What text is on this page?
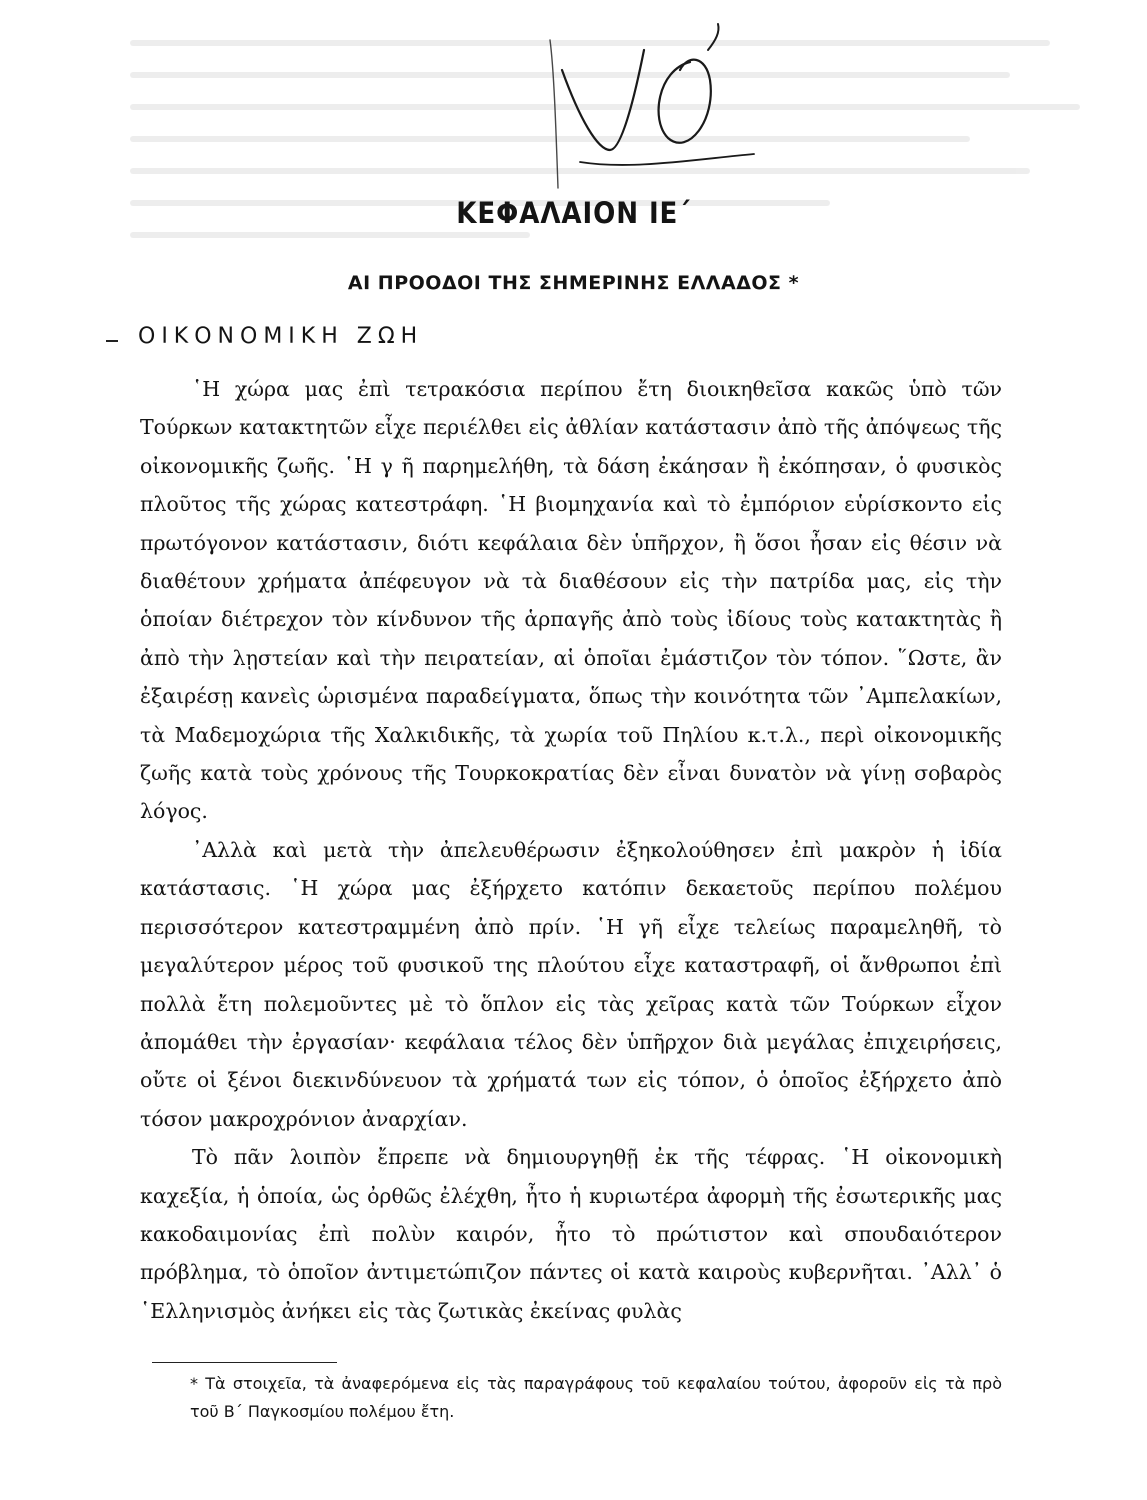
ΚΕΦΑΛΑΙΟΝ ΙΕ΄
ΑΙ ΠΡΟΟΔΟΙ ΤΗΣ ΣΗΜΕΡΙΝΗΣ ΕΛΛΑΔΟΣ *
ΟΙΚΟΝΟΜΙΚΗ ΖΩΗ

῾Η χώρα μας ἐπὶ τετρακόσια περίπου ἔτη διοικηθεῖσα κακῶς ὑπὸ τῶν Τούρκων κατακτητῶν εἶχε περιέλθει εἰς ἀθλίαν κατάστασιν ἀπὸ τῆς ἀπόψεως τῆς οἰκονομικῆς ζωῆς. ῾Η γ ῆ παρημελήθη, τὰ δάση ἐκάησαν ἢ ἐκόπησαν, ὁ φυσικὸς πλοῦτος τῆς χώρας κατεστράφη. ῾Η βιομηχανία καὶ τὸ ἐμπόριον εὑρίσκοντο εἰς πρωτόγονον κατάστασιν, διότι κεφάλαια δὲν ὑπῆρχον, ἢ ὅσοι ἦσαν εἰς θέσιν νὰ διαθέτουν χρήματα ἀπέφευγον νὰ τὰ διαθέσουν εἰς τὴν πατρίδα μας, εἰς τὴν ὁποίαν διέτρεχον τὸν κίνδυνον τῆς ἁρπαγῆς ἀπὸ τοὺς ἰδίους τοὺς κατακτητὰς ἢ ἀπὸ τὴν λῃστείαν καὶ τὴν πειρατείαν, αἱ ὁποῖαι ἐμάστιζον τὸν τόπον. ῞Ωστε, ἂν ἐξαιρέσῃ κανεὶς ὡρισμένα παραδείγματα, ὅπως τὴν κοινότητα τῶν ᾿Αμπελακίων, τὰ Μαδεμοχώρια τῆς Χαλκιδικῆς, τὰ χωρία τοῦ Πηλίου κ.τ.λ., περὶ οἰκονομικῆς ζωῆς κατὰ τοὺς χρόνους τῆς Τουρκοκρατίας δὲν εἶναι δυνατὸν νὰ γίνῃ σοβαρὸς λόγος.

᾿Αλλὰ καὶ μετὰ τὴν ἀπελευθέρωσιν ἐξηκολούθησεν ἐπὶ μακρὸν ἡ ἰδία κατάστασις. ῾Η χώρα μας ἐξήρχετο κατόπιν δεκαετοῦς περίπου πολέμου περισσότερον κατεστραμμένη ἀπὸ πρίν. ῾Η γῆ εἶχε τελείως παραμεληθῆ, τὸ μεγαλύτερον μέρος τοῦ φυσικοῦ της πλούτου εἶχε καταστραφῆ, οἱ ἄνθρωποι ἐπὶ πολλὰ ἔτη πολεμοῦντες μὲ τὸ ὅπλον εἰς τὰς χεῖρας κατὰ τῶν Τούρκων εἶχον ἀπομάθει τὴν ἐργασίαν· κεφάλαια τέλος δὲν ὑπῆρχον διὰ μεγάλας ἐπιχειρήσεις, οὔτε οἱ ξένοι διεκινδύνευον τὰ χρήματά των εἰς τόπον, ὁ ὁποῖος ἐξήρχετο ἀπὸ τόσον μακροχρόνιον ἀναρχίαν.

Τὸ πᾶν λοιπὸν ἔπρεπε νὰ δημιουργηθῇ ἐκ τῆς τέφρας. ῾Η οἰκονομικὴ καχεξία, ἡ ὁποία, ὡς ὀρθῶς ἐλέχθη, ἦτο ἡ κυριωτέρα ἀφορμὴ τῆς ἐσωτερικῆς μας κακοδαιμονίας ἐπὶ πολὺν καιρόν, ἦτο τὸ πρώτιστον καὶ σπουδαιότερον πρόβλημα, τὸ ὁποῖον ἀντιμετώπιζον πάντες οἱ κατὰ καιροὺς κυβερνῆται. ᾿Αλλ᾿ ὁ ῾Ελληνισμὸς ἀνήκει εἰς τὰς ζωτικὰς ἐκείνας φυλὰς

* Τὰ στοιχεῖα, τὰ ἀναφερόμενα εἰς τὰς παραγράφους τοῦ κεφαλαίου τούτου, ἀφοροῦν εἰς τὰ πρὸ τοῦ Β΄ Παγκοσμίου πολέμου ἔτη.
